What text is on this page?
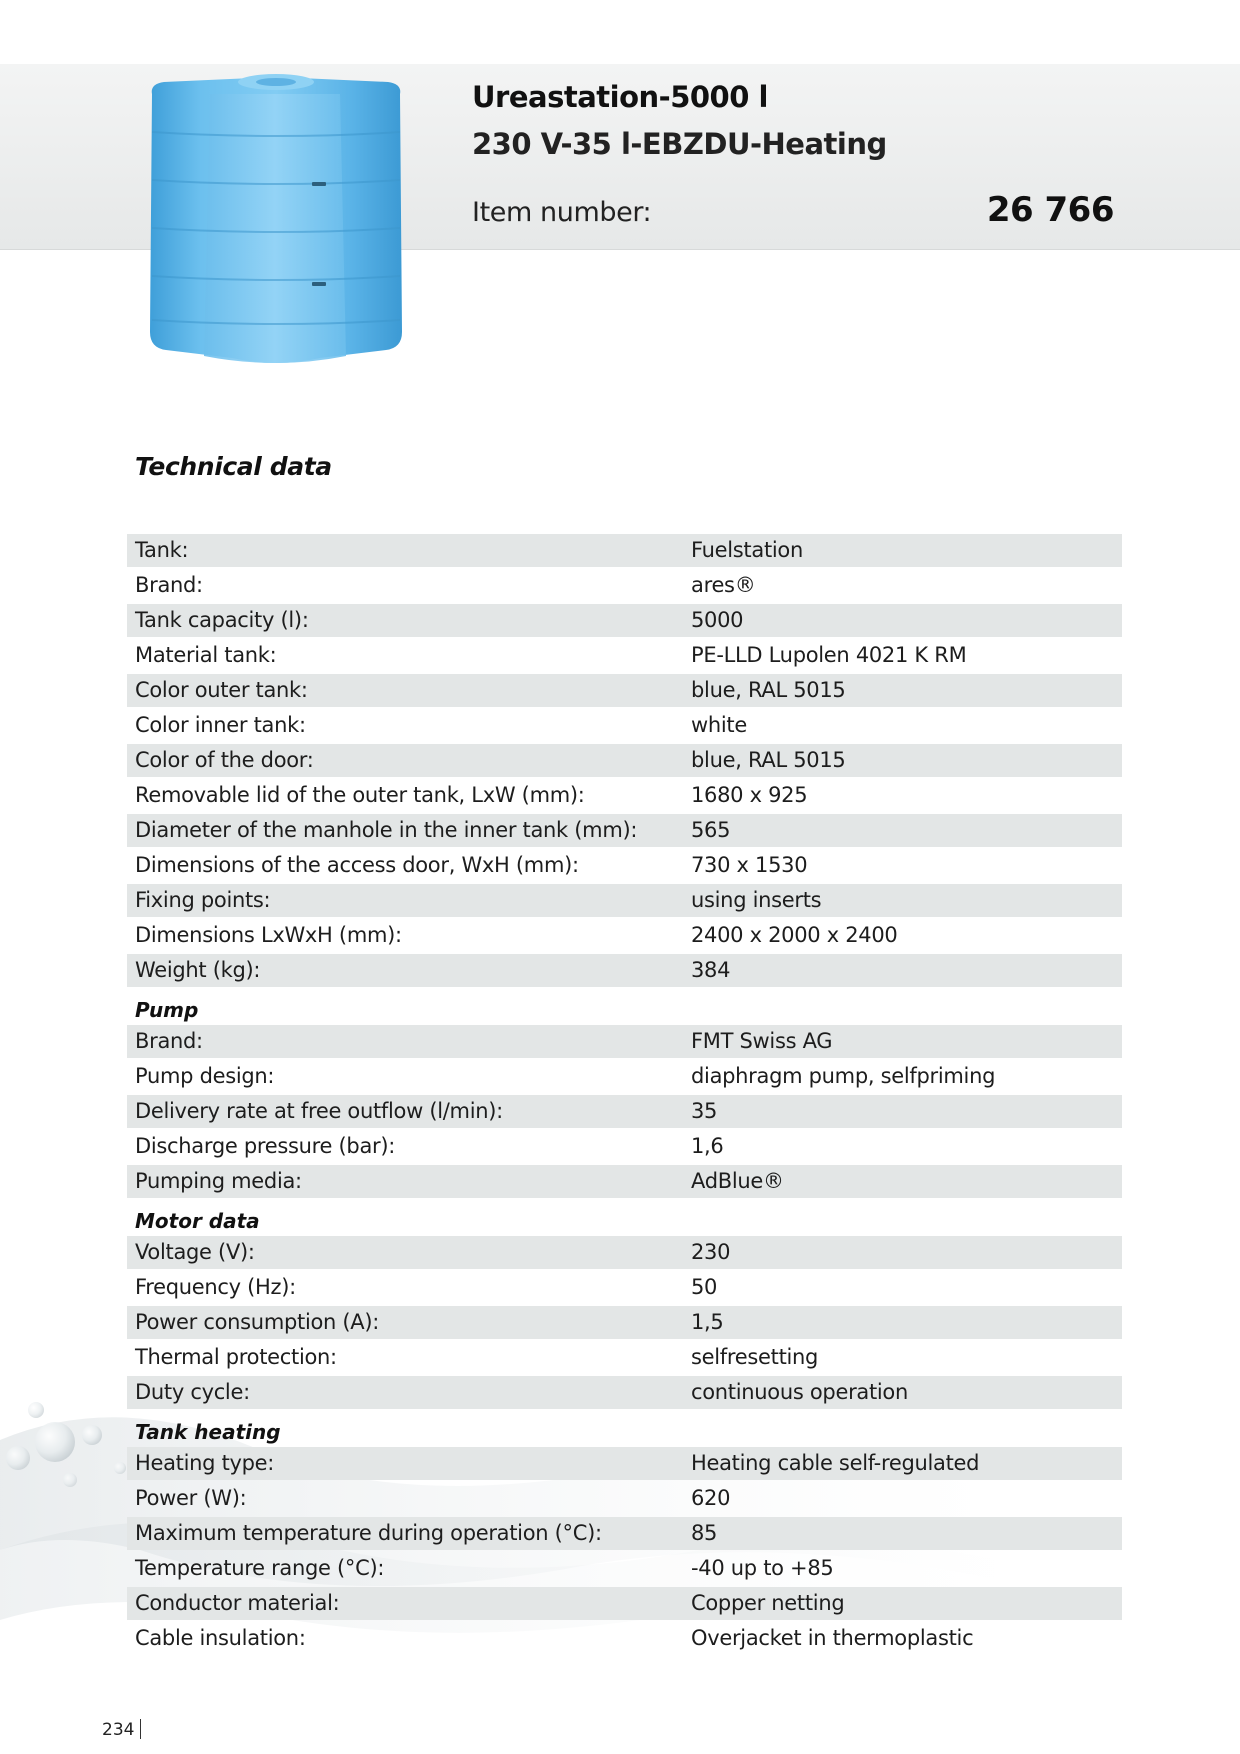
Ureastation-5000 l
230 V-35 l-EBZDU-Heating
Item number:	26 766
Technical data
Tank:	Fuelstation
Brand:	ares®
Tank capacity (l):	5000
Material tank:	PE-LLD Lupolen 4021 K RM
Color outer tank:	blue, RAL 5015
Color inner tank:	white
Color of the door:	blue, RAL 5015
Removable lid of the outer tank, LxW (mm):	1680 x 925
Diameter of the manhole in the inner tank (mm):	565
Dimensions of the access door, WxH (mm):	730 x 1530
Fixing points:	using inserts
Dimensions LxWxH (mm):	2400 x 2000 x 2400
Weight (kg):	384
Pump
Brand:	FMT Swiss AG
Pump design:	diaphragm pump, selfpriming
Delivery rate at free outflow (l/min):	35
Discharge pressure (bar):	1,6
Pumping media:	AdBlue®
Motor data
Voltage (V):	230
Frequency (Hz):	50
Power consumption (A):	1,5
Thermal protection:	selfresetting
Duty cycle:	continuous operation
Tank heating
Heating type:	Heating cable self-regulated
Power (W):	620
Maximum temperature during operation (°C):	85
Temperature range (°C):	-40 up to +85
Conductor material:	Copper netting
Cable insulation:	Overjacket in thermoplastic
234
